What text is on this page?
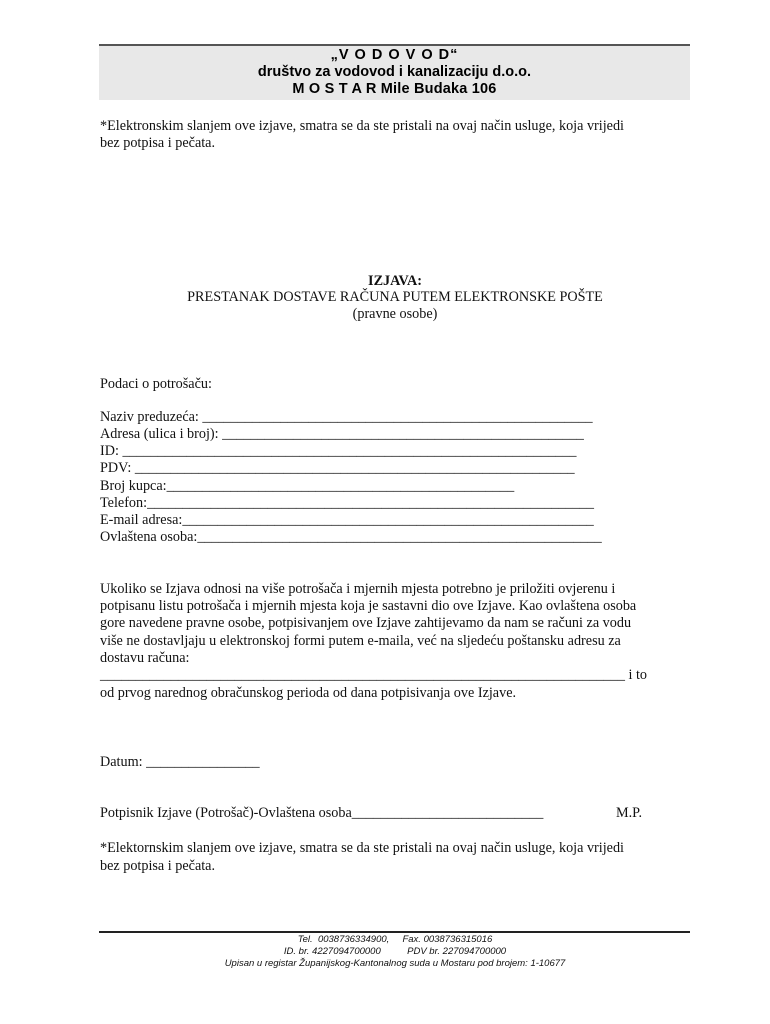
„V O D O V O D“
društvo za vodovod i kanalizaciju d.o.o.
M O S T A R Mile Budaka 106
*Elektronskim slanjem ove izjave, smatra se da ste pristali na ovaj način usluge, koja vrijedi
bez potpisa i pečata.
IZJAVA:
PRESTANAK DOSTAVE RAČUNA PUTEM ELEKTRONSKE POŠTE
(pravne osobe)
Podaci o potrošaču:
Naziv preduzeća: _______________________________________________________
Adresa (ulica i broj): ___________________________________________________
ID: ________________________________________________________________
PDV: ______________________________________________________________
Broj kupca:_________________________________________________
Telefon:_______________________________________________________________
E-mail adresa:__________________________________________________________
Ovlaštena osoba:_________________________________________________________
Ukoliko se Izjava odnosi na više potrošača i mjernih mjesta potrebno je priložiti ovjerenu i
potpisanu listu potrošača i mjernih mjesta koja je sastavni dio ove Izjave. Kao ovlaštena osoba
gore navedene pravne osobe, potpisivanjem ove Izjave zahtijevamo da nam se računi za vodu
više ne dostavljaju u elektronskoj formi putem e-maila, već na sljedeću poštansku adresu za
dostavu računa:
__________________________________________________________________________ i to
od prvog narednog obračunskog perioda od dana potpisivanja ove Izjave.
Datum: ________________
Potpisnik Izjave (Potrošač)-Ovlaštena osoba___________________________	M.P.
*Elektornskim slanjem ove izjave, smatra se da ste pristali na ovaj način usluge, koja vrijedi
bez potpisa i pečata.
Tel.  0038736334900,     Fax. 0038736315016
ID. br. 4227094700000          PDV br. 227094700000
Upisan u registar Županijskog-Kantonalnog suda u Mostaru pod brojem: 1-10677
